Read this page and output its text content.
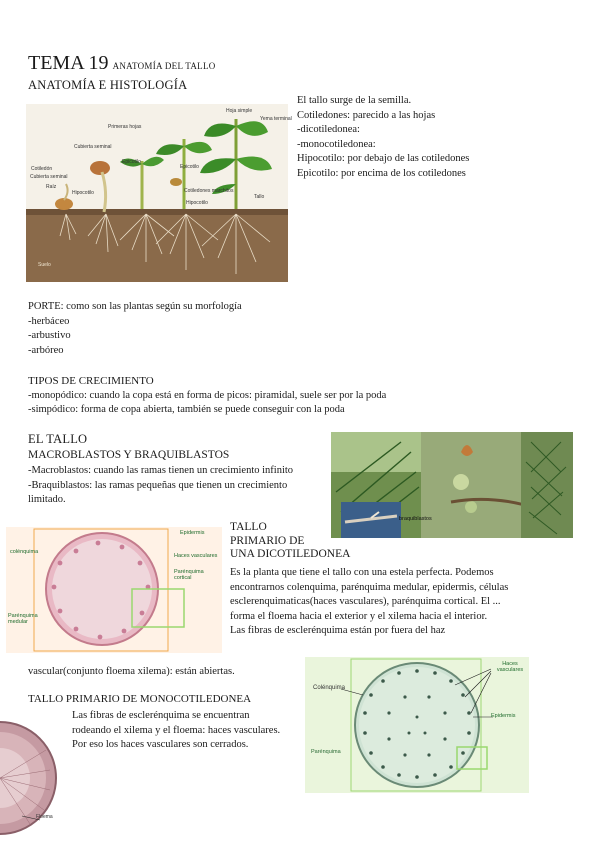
TEMA 19 ANATOMÍA DEL TALLO
ANATOMÍA E HISTOLOGÍA
Primeras hojas
Cubierta seminal
Epicotilo
Cotiledón
Raíz
Hipocotilo
Epicotilo
Cotiledones marchitos
Hipocotilo
Tallo
Hoja simple
Yema terminal
Cubierta seminal
Suelo
El tallo surge de la semilla.
Cotiledones: parecido a las hojas
-dicotiledonea:
-monocotiledonea:
Hipocotilo: por debajo de las cotiledones
Epicotilo: por encima de los cotiledones
PORTE: como son las plantas según su morfología
-herbáceo
-arbustivo
-arbóreo
TIPOS DE CRECIMIENTO
-monopódico: cuando la copa está en forma de picos: piramidal, suele ser por la poda
-simpódico: forma de copa abierta, también se puede conseguir con la poda
EL TALLO
MACROBLASTOS Y BRAQUIBLASTOS
-Macroblastos: cuando las ramas tienen un crecimiento infinito
-Braquiblastos: las ramas pequeñas que tienen un crecimiento
limitado.
braquiblastos
Epidermis
colénquima
Haces vasculares
Parénquima cortical
Parénquima medular
TALLO
PRIMARIO DE
UNA DICOTILEDONEA
Es la planta que tiene el tallo con una estela perfecta. Podemos
encontrarnos colenquima, parénquima medular, epidermis, células
esclerenquimaticas(haces vasculares), parénquima cortical. El ...
forma el floema hacia el exterior y el xilema hacia el interior.
Las fibras de esclerénquima están por fuera del haz
vascular(conjunto floema xilema): están abiertas.
TALLO PRIMARIO DE MONOCOTILEDONEA
Las fibras de esclerénquima se encuentran
rodeando el xilema y el floema: haces vasculares.
Por eso los haces vasculares son cerrados.
Colénquima
Haces vasculares
Epidermis
Parénquima
Floema
